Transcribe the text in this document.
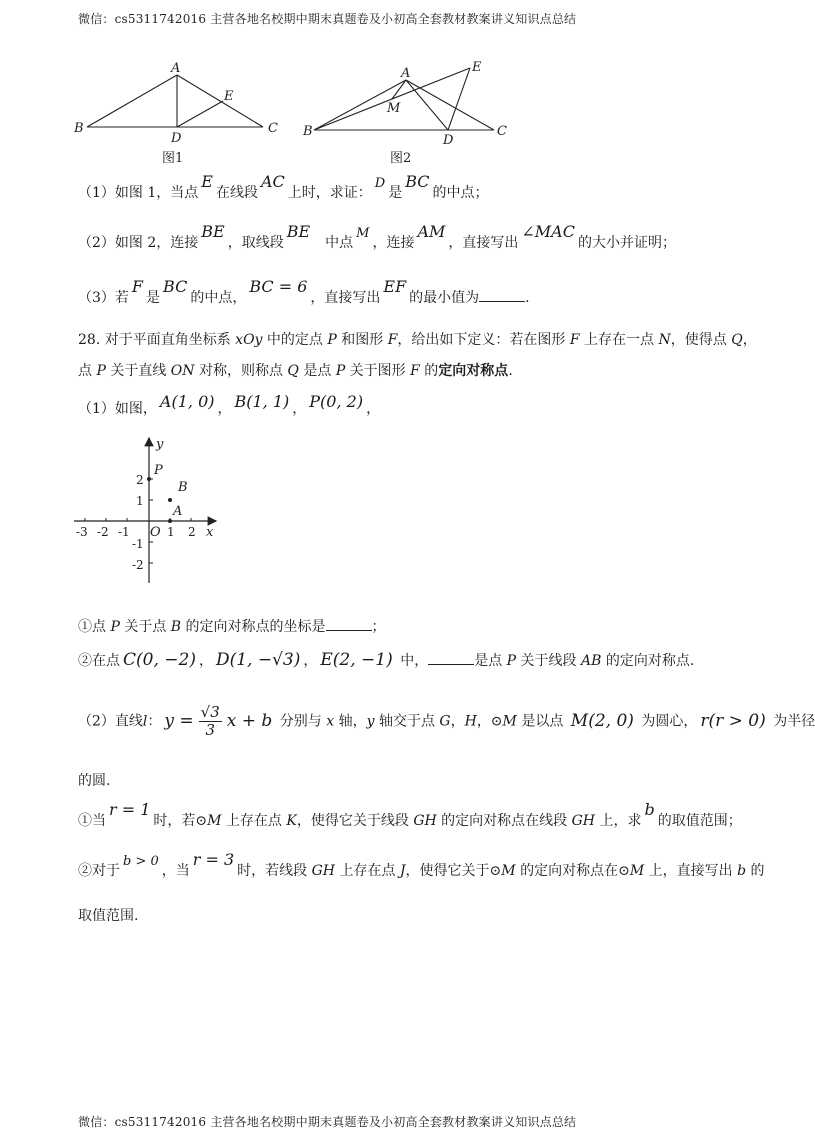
微信：cs5311742016 主营各地名校期中期末真题卷及小初高全套教材教案讲义知识点总结
A
B	C
D
E
图1
A
B	C
D
E
M
图2
（1）如图 1，当点E在线段AC上时，求证：D是BC的中点；
（2）如图 2，连接BE，取线段BE中点M，连接AM，直接写出∠MAC的大小并证明；
（3）若F是BC的中点，BC = 6，直接写出EF的最小值为	.
28. 对于平面直角坐标系 xOy 中的定点 P 和图形 F，给出如下定义：若在图形 F 上存在一点 N，使得点 Q，
点 P 关于直线 ON 对称，则称点 Q 是点 P 关于图形 F 的定向对称点.
（1）如图， A(1, 0) ， B(1, 1) ， P(0, 2) ，
-3 -2 -1	1 2
2
1
-1
-2
y
x
O
P
B
A
①点 P 关于点 B 的定向对称点的坐标是	；
②在点 C(0, −2) ， D(1, −√3) ， E(2, −1) 中，	是点 P 关于线段 AB 的定向对称点.
（2）直线l： $y = \frac{√3}{3}$ x + b 分别与 x 轴，y 轴交于点 G，H，⊙M 是以点 M(2, 0) 为圆心， r(r > 0) 为半径
的圆.
①当r = 1时，若⊙M 上存在点 K，使得它关于线段 GH 的定向对称点在线段 GH 上，求b的取值范围；
②对于b > 0，当r = 3时，若线段 GH 上存在点 J，使得它关于⊙M 的定向对称点在⊙M 上，直接写出 b 的
取值范围.
微信：cs5311742016 主营各地名校期中期末真题卷及小初高全套教材教案讲义知识点总结
